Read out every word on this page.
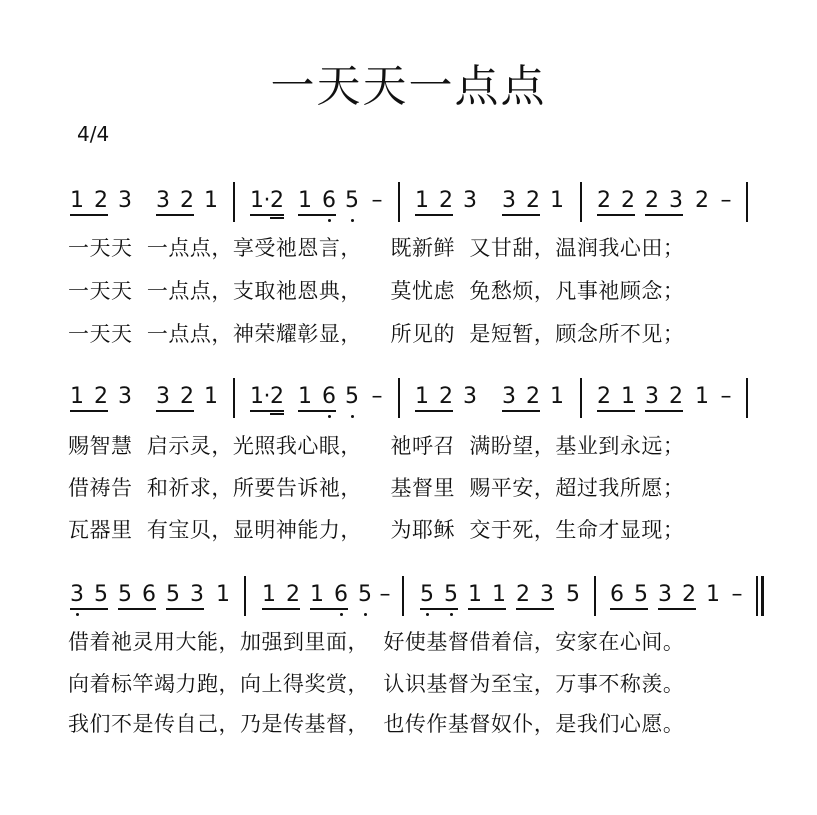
一天天一点点
4/4
1 2 3 3 2 1 1 · 2 1 6 5 – 1 2 3 3 2 1 2 2 2 3 2 –
一天天  一点点，享受祂恩言，    既新鲜  又甘甜，温润我心田；
一天天  一点点，支取祂恩典，    莫忧虑  免愁烦，凡事祂顾念；
一天天  一点点，神荣耀彰显，    所见的  是短暂，顾念所不见；
1 2 3 3 2 1 1 · 2 1 6 5 – 1 2 3 3 2 1 2 1 3 2 1 –
赐智慧  启示灵，光照我心眼，    祂呼召  满盼望，基业到永远；
借祷告  和祈求，所要告诉祂，    基督里  赐平安，超过我所愿；
瓦器里  有宝贝，显明神能力，    为耶稣  交于死，生命才显现；
3 5 5 6 5 3 1 1 2 1 6 5 – 5 5 1 1 2 3 5 6 5 3 2 1 –
借着祂灵用大能，加强到里面，  好使基督借着信，安家在心间。
向着标竿竭力跑，向上得奖赏，  认识基督为至宝，万事不称羡。
我们不是传自己，乃是传基督，  也传作基督奴仆，是我们心愿。
